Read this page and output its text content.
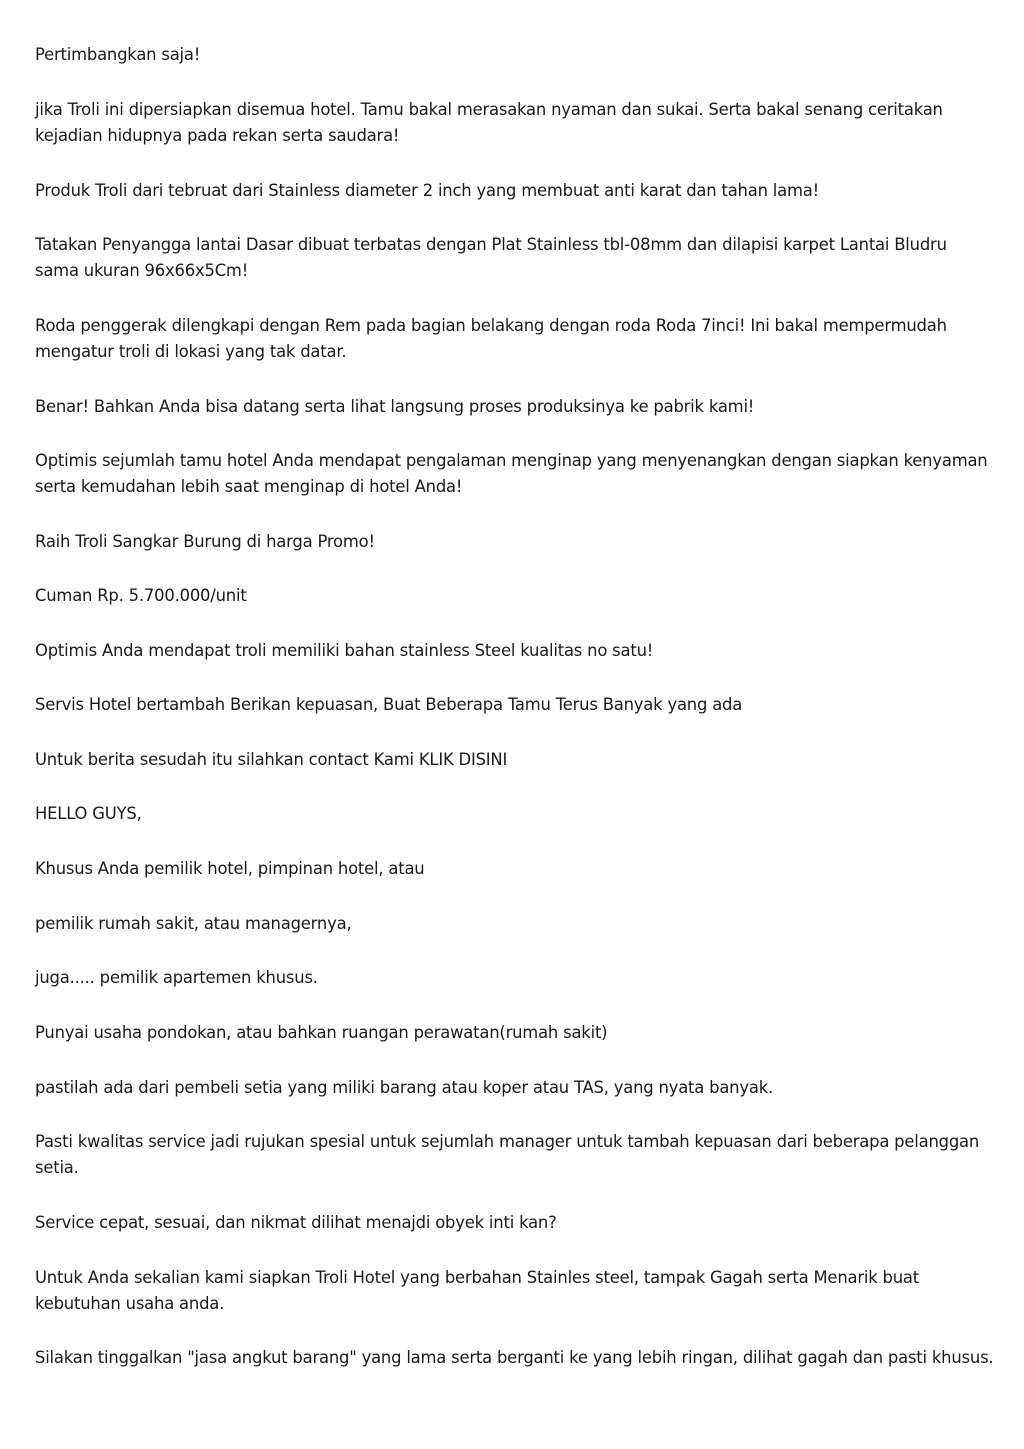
Pertimbangkan saja!

jika Troli ini dipersiapkan disemua hotel. Tamu bakal merasakan nyaman dan sukai. Serta bakal senang ceritakan kejadian hidupnya pada rekan serta saudara!

Produk Troli dari tebruat dari Stainless diameter 2 inch yang membuat anti karat dan tahan lama!

Tatakan Penyangga lantai Dasar dibuat terbatas dengan Plat Stainless tbl-08mm dan dilapisi karpet Lantai Bludru sama ukuran 96x66x5Cm!

Roda penggerak dilengkapi dengan Rem pada bagian belakang dengan roda Roda 7inci! Ini bakal mempermudah mengatur troli di lokasi yang tak datar.

Benar! Bahkan Anda bisa datang serta lihat langsung proses produksinya ke pabrik kami!

Optimis sejumlah tamu hotel Anda mendapat pengalaman menginap yang menyenangkan dengan siapkan kenyaman serta kemudahan lebih saat menginap di hotel Anda!

Raih Troli Sangkar Burung di harga Promo!

Cuman Rp. 5.700.000/unit

Optimis Anda mendapat troli memiliki bahan stainless Steel kualitas no satu!

Servis Hotel bertambah Berikan kepuasan, Buat Beberapa Tamu Terus Banyak yang ada

Untuk berita sesudah itu silahkan contact Kami KLIK DISINI

HELLO GUYS,

Khusus Anda pemilik hotel, pimpinan hotel, atau

pemilik rumah sakit, atau managernya,

juga..... pemilik apartemen khusus.

Punyai usaha pondokan, atau bahkan ruangan perawatan(rumah sakit)

pastilah ada dari pembeli setia yang miliki barang atau koper atau TAS, yang nyata banyak.

Pasti kwalitas service jadi rujukan spesial untuk sejumlah manager untuk tambah kepuasan dari beberapa pelanggan setia.

Service cepat, sesuai, dan nikmat dilihat menajdi obyek inti kan?

Untuk Anda sekalian kami siapkan Troli Hotel yang berbahan Stainles steel, tampak Gagah serta Menarik buat kebutuhan usaha anda.

Silakan tinggalkan "jasa angkut barang" yang lama serta berganti ke yang lebih ringan, dilihat gagah dan pasti khusus.
